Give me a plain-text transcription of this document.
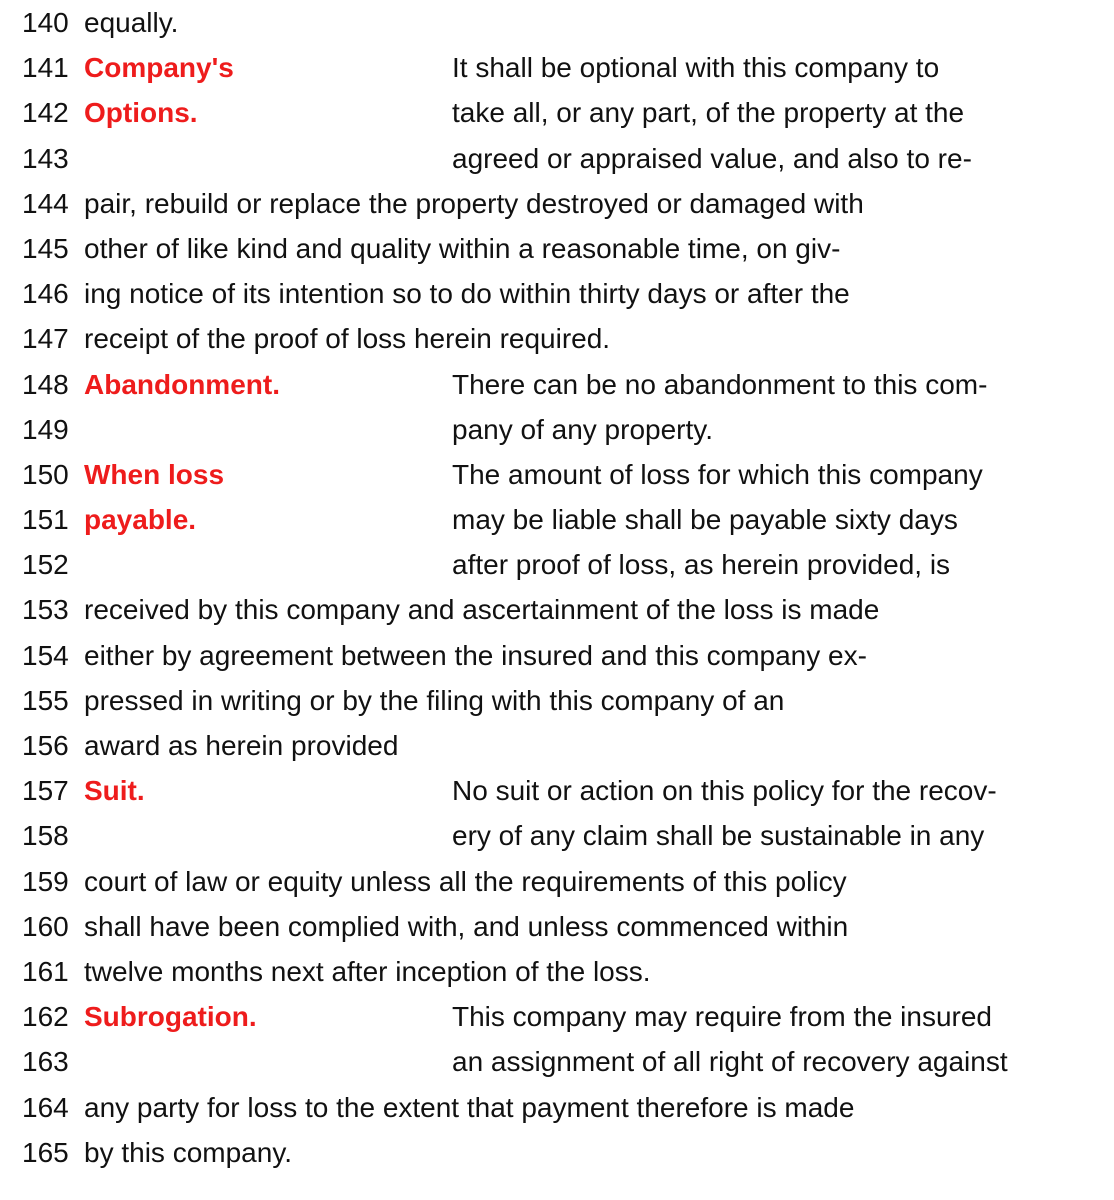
140 equally.
141 Company's	It shall be optional with this company to
142 Options.	take all, or any part, of the property at the
143	agreed or appraised value, and also to re-
144 pair, rebuild or replace the property destroyed or damaged with
145 other of like kind and quality within a reasonable time, on giv-
146 ing notice of its intention so to do within thirty days or after the
147 receipt of the proof of loss herein required.
148 Abandonment.	There can be no abandonment to this com-
149	pany of any property.
150 When loss	The amount of loss for which this company
151 payable.	may be liable shall be payable sixty days
152	after proof of loss, as herein provided, is
153 received by this company and ascertainment of the loss is made
154 either by agreement between the insured and this company ex-
155 pressed in writing or by the filing with this company of an
156 award as herein provided
157 Suit.	No suit or action on this policy for the recov-
158	ery of any claim shall be sustainable in any
159 court of law or equity unless all the requirements of this policy
160 shall have been complied with, and unless commenced within
161 twelve months next after inception of the loss.
162 Subrogation.	This company may require from the insured
163	an assignment of all right of recovery against
164 any party for loss to the extent that payment therefore is made
165 by this company.
